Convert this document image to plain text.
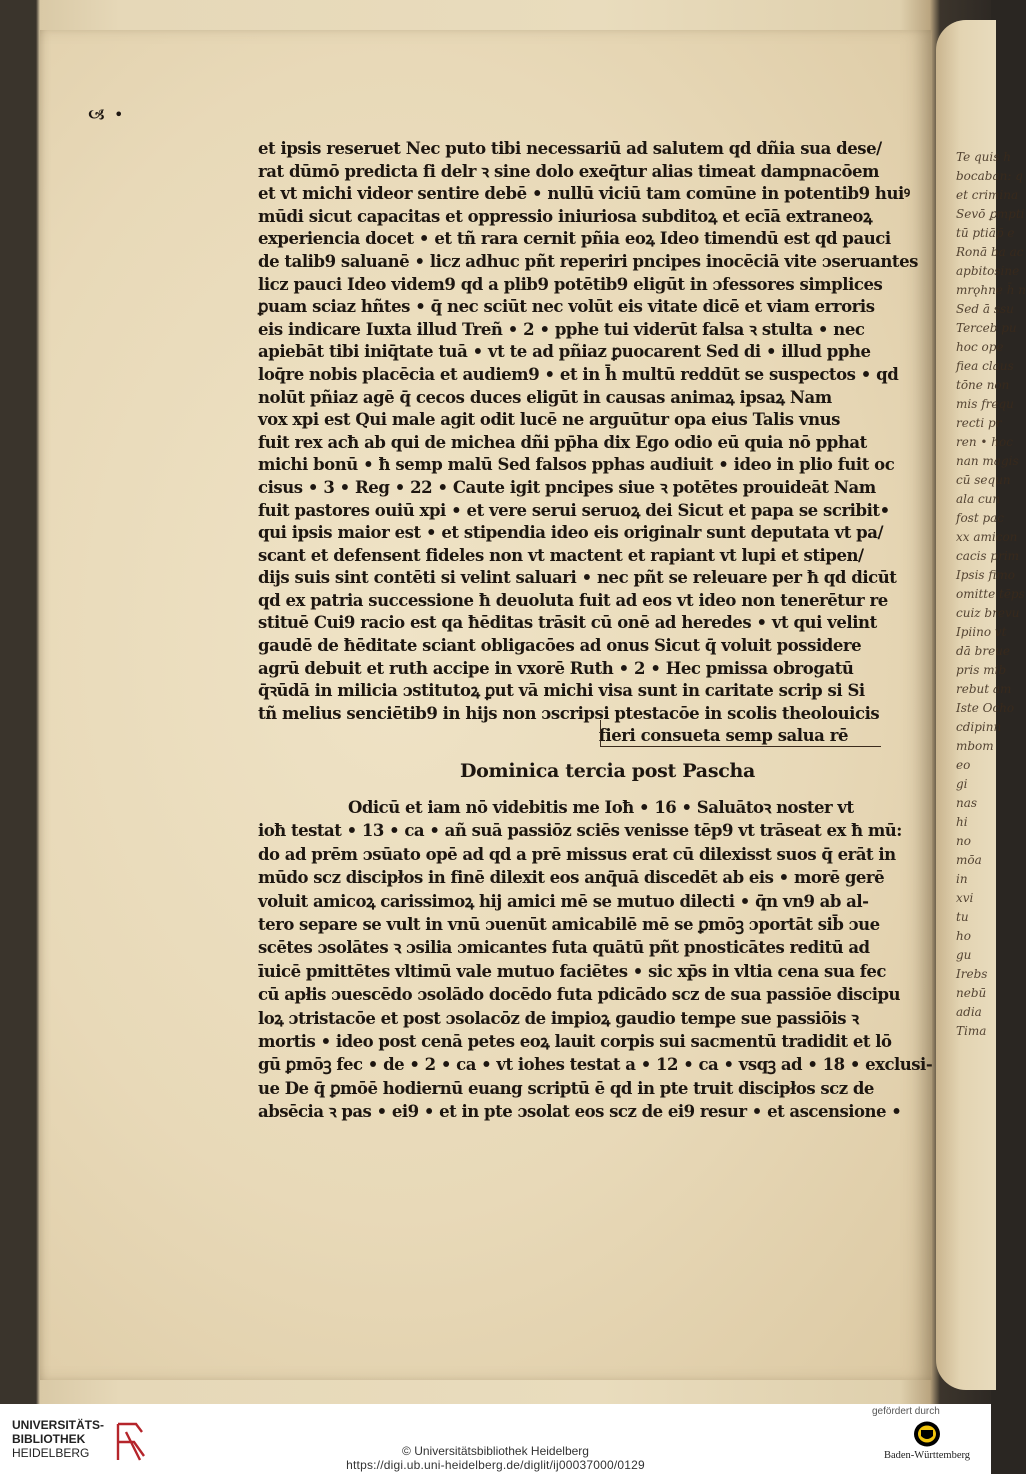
Te quis h
bocaban: q
et crimina
Sevō ꝑmpti
tū ptiāp̄ e
Ronā ba ac
apbitosine
mrǫhne h̄ n
Sed ā ssu
Terceb pu
hoc ope
fiea claus
tōne non
mis frequ
recti pr
ren • hoc
nan magis
cū sequn
ala cun
fost pac
xx amicon
cacis prim
Ipsis fimo
omitte tēps
cuiz brevu
Ipiino vt
dā breue
pris mib
rebut am
Iste Ocho
cdipinn
mbom
eo
gi
nas
hi
no
mōa
in
xvi
tu
ho
gu
Irebs
nebū
adia
Tima
🙦 •
et ipsis reseruet Nec puto tibi necessariū ad salutem qd dñia sua dese/
rat dūmō predicta fi delr ꝛ sine dolo exeq̄tur alias timeat dampnacōem
et vt michi videor sentire debē • nullū viciū tam comūne in potentib9 huiꝰ
mūdi sicut capacitas et oppressio iniuriosa subditoꝝ et ecīā extraneoꝝ
experiencia docet • et tñ rara cernit pñia eoꝝ Ideo timendū est qd pauci
de talib9 saluanē • licz adhuc pñt reperiri pncipes inocēciā vite ɔseruantes
licz pauci Ideo videm9 qd a plib9 potētib9 eligūt in ɔfessores simplices
ꝑuam sciaz hñtes • q̄ nec sciūt nec volūt eis vitate dicē et viam erroris
eis indicare Iuxta illud Treñ • 2 • pphe tui viderūt falsa ꝛ stulta • nec
apiebāt tibi iniq̄tate tuā • vt te ad pñiaz ꝑuocarent Sed di • illud pphe
loq̄re nobis placēcia et audiem9 • et in h̄ multū reddūt se suspectos • qd
nolūt pñiaz agē q̄ cecos duces eligūt in causas animaꝝ ipsaꝝ Nam
vox xpi est Qui male agit odit lucē ne arguūtur opa eius Talis vnus
fuit rex acħ ab qui de michea dñi pp̄ha dix Ego odio eū quia nō pphat
michi bonū • ħ semp malū Sed falsos pphas audiuit • ideo in plio fuit oc
cisus • 3 • Reg • 22 • Caute igit pncipes siue ꝛ potētes prouideāt Nam
fuit pastores ouiū xpi • et vere serui seruoꝝ dei Sicut et papa se scribit•
qui ipsis maior est • et stipendia ideo eis originalr sunt deputata vt pa/
scant et defensent fideles non vt mactent et rapiant vt lupi et stipen/
dijs suis sint contēti si velint saluari • nec pñt se releuare per ħ qd dicūt
qd ex patria successione ħ deuoluta fuit ad eos vt ideo non tenerētur re
stituē Cui9 racio est qa ħēditas trāsit cū onē ad heredes • vt qui velint
gaudē de ħēditate sciant obligacōes ad onus Sicut q̄ voluit possidere
agrū debuit et ruth accipe in vxorē Ruth • 2 • Hec pmissa obrogatū
q̄ꝛūdā in milicia ɔstitutoꝝ ꝑut vā michi visa sunt in caritate scrip si Si
tñ melius senciētib9 in hijs non ɔscripsi ptestacōe in scolis theolouicis
fieri consueta semp salua rē
Dominica tercia post Pascha
Odicū et iam nō videbitis me Ioħ • 16 • Saluātoꝛ noster vt
ioħ testat • 13 • ca • añ suā passiōz sciēs venisse tēp9 vt trāseat ex ħ mū:
do ad prēm ɔsūato opē ad qd a prē missus erat cū dilexisst suos q̄ erāt in
mūdo scz discipłos in finē dilexit eos anq̄uā discedēt ab eis • morē gerē
voluit amicoꝝ carissimoꝝ hij amici mē se mutuo dilecti • q̄n vn9 ab al-
tero separe se vult in vnū ɔuenūt amicabilē mē se ꝑmōꝫ ɔportāt sib̄ ɔue
scētes ɔsolātes ꝛ ɔsilia ɔmicantes futa quātū pñt pnosticātes reditū ad
īuicē pmittētes vltimū vale mutuo faciētes • sic xp̄s in vltia cena sua fec
cū apłis ɔuescēdo ɔsolādo docēdo futa pdicādo scz de sua passiōe discipu
loꝝ ɔtristacōe et post ɔsolacōz de impioꝝ gaudio tempe sue passiōis ꝛ
mortis • ideo post cenā petes eoꝝ lauit corpis sui sacmentū tradidit et lō
gū ꝑmōꝫ fec • de • 2 • ca • vt iohes testat a • 12 • ca • vsqꝫ ad • 18 • exclusi-
ue De q̄ ꝑmōē hodiernū euang scriptū ē qd in pte truit discipłos scz de
absēcia ꝛ pas • ei9 • et in pte ɔsolat eos scz de ei9 resur • et ascensione •
UNIVERSITÄTS-
BIBLIOTHEK
HEIDELBERG	© Universitätsbibliothek Heidelberg
https://digi.ub.uni-heidelberg.de/diglit/ij00037000/0129
gefördert durch
Baden-Württemberg
